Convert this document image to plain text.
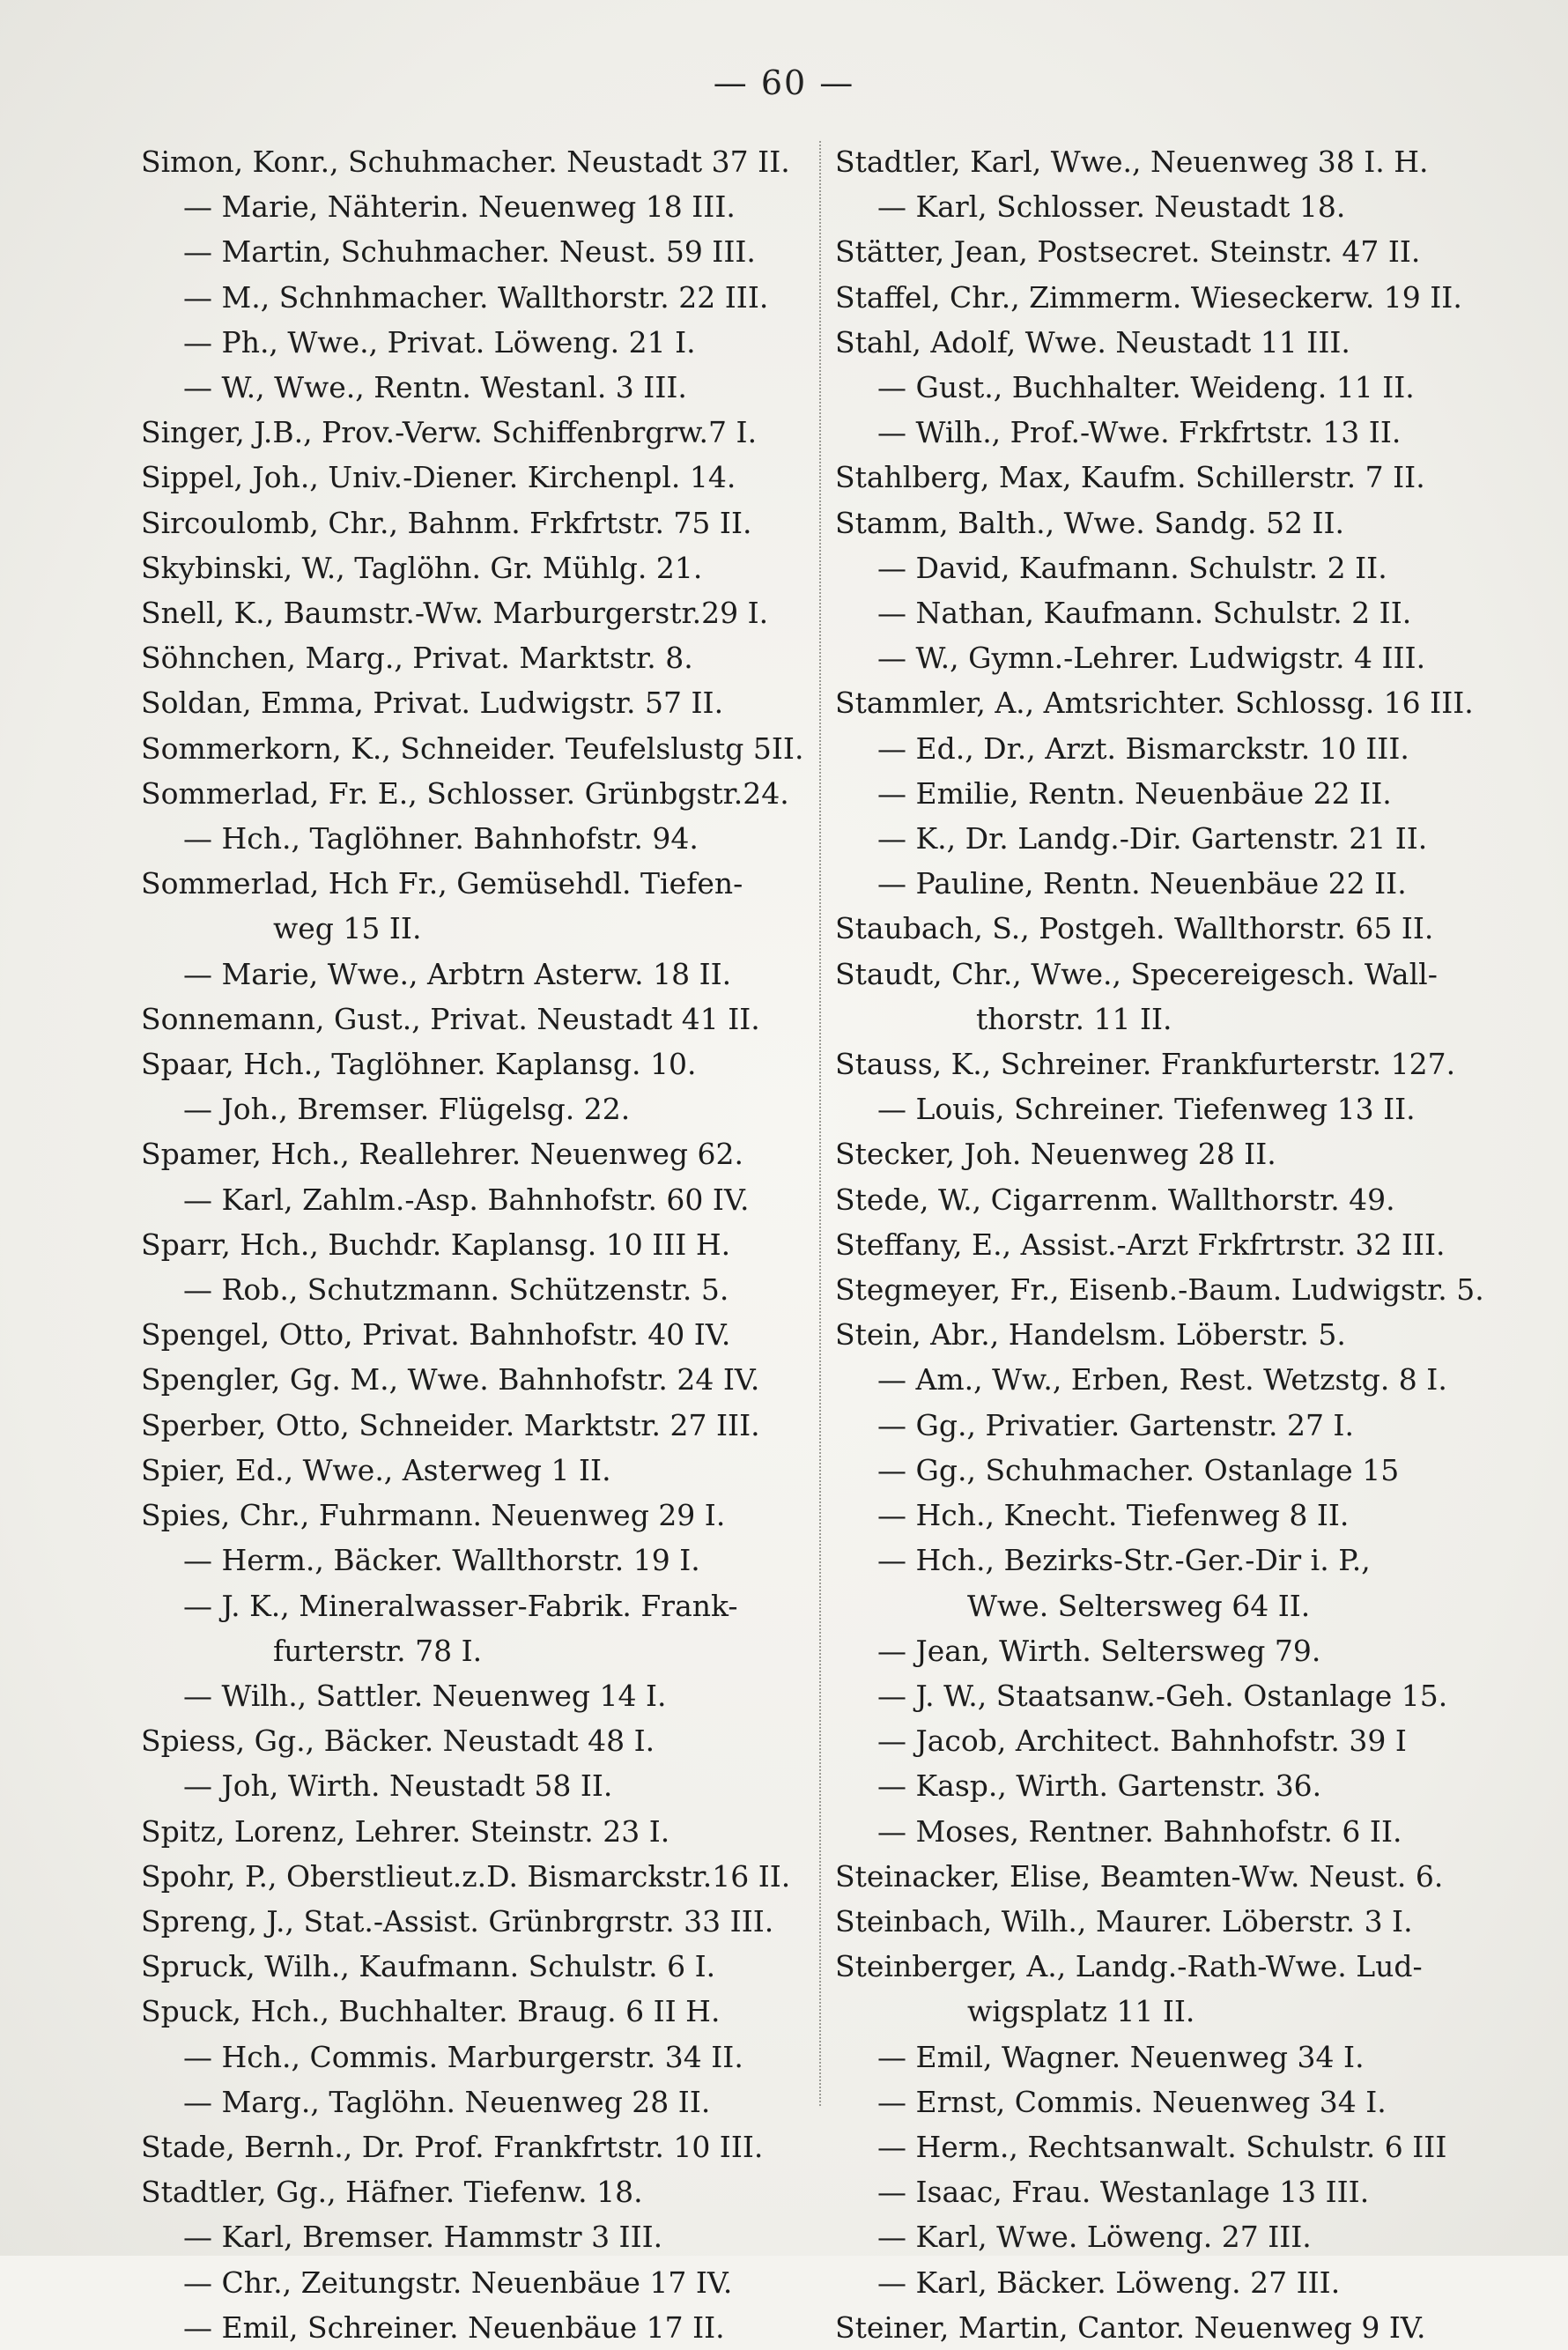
— 60 —
Simon, Konr., Schuhmacher. Neustadt 37 II.
— Marie, Nähterin. Neuenweg 18 III.
— Martin, Schuhmacher. Neust. 59 III.
— M., Schnhmacher. Wallthorstr. 22 III.
— Ph., Wwe., Privat. Löweng. 21 I.
— W., Wwe., Rentn. Westanl. 3 III.
Singer, J.B., Prov.-Verw. Schiffenbrgrw.7 I.
Sippel, Joh., Univ.-Diener. Kirchenpl. 14.
Sircoulomb, Chr., Bahnm. Frkfrtstr. 75 II.
Skybinski, W., Taglöhn. Gr. Mühlg. 21.
Snell, K., Baumstr.-Ww. Marburgerstr.29 I.
Söhnchen, Marg., Privat. Marktstr. 8.
Soldan, Emma, Privat. Ludwigstr. 57 II.
Sommerkorn, K., Schneider. Teufelslustg 5II.
Sommerlad, Fr. E., Schlosser. Grünbgstr.24.
— Hch., Taglöhner. Bahnhofstr. 94.
Sommerlad, Hch Fr., Gemüsehdl. Tiefen-
weg 15 II.
— Marie, Wwe., Arbtrn Asterw. 18 II.
Sonnemann, Gust., Privat. Neustadt 41 II.
Spaar, Hch., Taglöhner. Kaplansg. 10.
— Joh., Bremser. Flügelsg. 22.
Spamer, Hch., Reallehrer. Neuenweg 62.
— Karl, Zahlm.-Asp. Bahnhofstr. 60 IV.
Sparr, Hch., Buchdr. Kaplansg. 10 III H.
— Rob., Schutzmann. Schützenstr. 5.
Spengel, Otto, Privat. Bahnhofstr. 40 IV.
Spengler, Gg. M., Wwe. Bahnhofstr. 24 IV.
Sperber, Otto, Schneider. Marktstr. 27 III.
Spier, Ed., Wwe., Asterweg 1 II.
Spies, Chr., Fuhrmann. Neuenweg 29 I.
— Herm., Bäcker. Wallthorstr. 19 I.
— J. K., Mineralwasser-Fabrik. Frank-
furterstr. 78 I.
— Wilh., Sattler. Neuenweg 14 I.
Spiess, Gg., Bäcker. Neustadt 48 I.
— Joh, Wirth. Neustadt 58 II.
Spitz, Lorenz, Lehrer. Steinstr. 23 I.
Spohr, P., Oberstlieut.z.D. Bismarckstr.16 II.
Spreng, J., Stat.-Assist. Grünbrgrstr. 33 III.
Spruck, Wilh., Kaufmann. Schulstr. 6 I.
Spuck, Hch., Buchhalter. Braug. 6 II H.
— Hch., Commis. Marburgerstr. 34 II.
— Marg., Taglöhn. Neuenweg 28 II.
Stade, Bernh., Dr. Prof. Frankfrtstr. 10 III.
Stadtler, Gg., Häfner. Tiefenw. 18.
— Karl, Bremser. Hammstr 3 III.
— Chr., Zeitungstr. Neuenbäue 17 IV.
— Emil, Schreiner. Neuenbäue 17 II.
Stadtler, Karl, Wwe., Neuenweg 38 I. H.
— Karl, Schlosser. Neustadt 18.
Stätter, Jean, Postsecret. Steinstr. 47 II.
Staffel, Chr., Zimmerm. Wieseckerw. 19 II.
Stahl, Adolf, Wwe. Neustadt 11 III.
— Gust., Buchhalter. Weideng. 11 II.
— Wilh., Prof.-Wwe. Frkfrtstr. 13 II.
Stahlberg, Max, Kaufm. Schillerstr. 7 II.
Stamm, Balth., Wwe. Sandg. 52 II.
— David, Kaufmann. Schulstr. 2 II.
— Nathan, Kaufmann. Schulstr. 2 II.
— W., Gymn.-Lehrer. Ludwigstr. 4 III.
Stammler, A., Amtsrichter. Schlossg. 16 III.
— Ed., Dr., Arzt. Bismarckstr. 10 III.
— Emilie, Rentn. Neuenbäue 22 II.
— K., Dr. Landg.-Dir. Gartenstr. 21 II.
— Pauline, Rentn. Neuenbäue 22 II.
Staubach, S., Postgeh. Wallthorstr. 65 II.
Staudt, Chr., Wwe., Specereigesch. Wall-
thorstr. 11 II.
Stauss, K., Schreiner. Frankfurterstr. 127.
— Louis, Schreiner. Tiefenweg 13 II.
Stecker, Joh. Neuenweg 28 II.
Stede, W., Cigarrenm. Wallthorstr. 49.
Steffany, E., Assist.-Arzt Frkfrtrstr. 32 III.
Stegmeyer, Fr., Eisenb.-Baum. Ludwigstr. 5.
Stein, Abr., Handelsm. Löberstr. 5.
— Am., Ww., Erben, Rest. Wetzstg. 8 I.
— Gg., Privatier. Gartenstr. 27 I.
— Gg., Schuhmacher. Ostanlage 15
— Hch., Knecht. Tiefenweg 8 II.
— Hch., Bezirks-Str.-Ger.-Dir i. P.,
Wwe. Seltersweg 64 II.
— Jean, Wirth. Seltersweg 79.
— J. W., Staatsanw.-Geh. Ostanlage 15.
— Jacob, Architect. Bahnhofstr. 39 I
— Kasp., Wirth. Gartenstr. 36.
— Moses, Rentner. Bahnhofstr. 6 II.
Steinacker, Elise, Beamten-Ww. Neust. 6.
Steinbach, Wilh., Maurer. Löberstr. 3 I.
Steinberger, A., Landg.-Rath-Wwe. Lud-
wigsplatz 11 II.
— Emil, Wagner. Neuenweg 34 I.
— Ernst, Commis. Neuenweg 34 I.
— Herm., Rechtsanwalt. Schulstr. 6 III
— Isaac, Frau. Westanlage 13 III.
— Karl, Wwe. Löweng. 27 III.
— Karl, Bäcker. Löweng. 27 III.
Steiner, Martin, Cantor. Neuenweg 9 IV.
